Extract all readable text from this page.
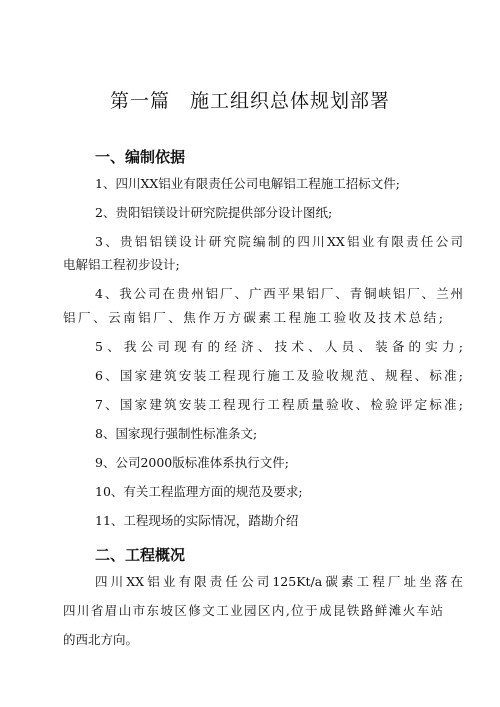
第一篇　施工组织总体规划部署
一、编制依据
1、四川XX铝业有限责任公司电解铝工程施工招标文件;
2、贵阳铝镁设计研究院提供部分设计图纸;
3、贵铝铝镁设计研究院编制的四川XX铝业有限责任公司
电解铝工程初步设计;
4、我公司在贵州铝厂、广西平果铝厂、青铜峡铝厂、兰州
铝厂、云南铝厂、焦作万方碳素工程施工验收及技术总结;
5、我公司现有的经济、技术、人员、装备的实力;
6、国家建筑安装工程现行施工及验收规范、规程、标准;
7、国家建筑安装工程现行工程质量验收、检验评定标准;
8、国家现行强制性标准条文;
9、公司2000版标准体系执行文件;
10、有关工程监理方面的规范及要求;
11、工程现场的实际情况，踏勘介绍
二、工程概况
四川XX铝业有限责任公司125Kt/a碳素工程厂址坐落在
四川省眉山市东坡区修文工业园区内,位于成昆铁路鲜滩火车站
的西北方向。
